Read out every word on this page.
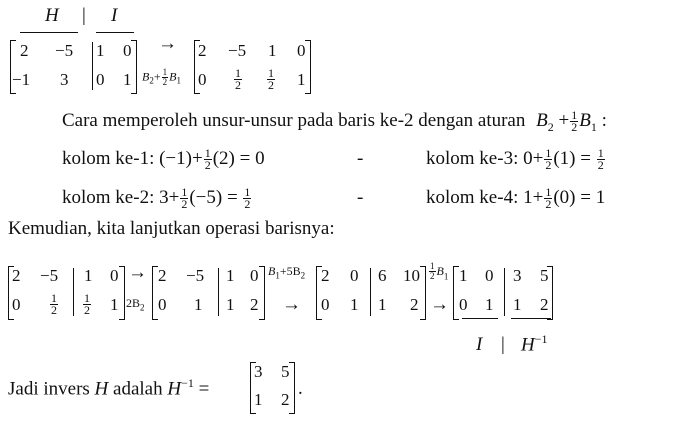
H | I
2 −5 1 0
−1 3 0 1
→
$B_2+ \frac{1}{2} B_1$
2 −5 1 0
$0 \frac{1}{2} \frac{1}{2} 1$
Cara memperoleh unsur-unsur pada baris ke-2 dengan aturan $B_2 + \frac{1}{2} B_1$ :
kolom ke-1: $(-1)+ \frac{1}{2} (2) = 0$	-	kolom ke-3: $0+ \frac{1}{2} (1) = \frac{1}{2}$
kolom ke-2: $3+ \frac{1}{2} (-5) = \frac{1}{2}$	-	kolom ke-4: $1+ \frac{1}{2} (0) = 1$
Kemudian, kita lanjutkan operasi barisnya:
2 −5 1 0
$0 \frac{1}{2} \frac{1}{2} 1$
→
$2B_2$
2 −5 1 0
0 1 1 2
$B_1+5B_2$
→
2 0 6 10
0 1 1 2
$\frac{1}{2} B_1$
→
1 0 3 5
0 1 1 2
I | $H^{-1}$
Jadi invers H adalah $H^{-1}$ =
3 5
1 2
.
